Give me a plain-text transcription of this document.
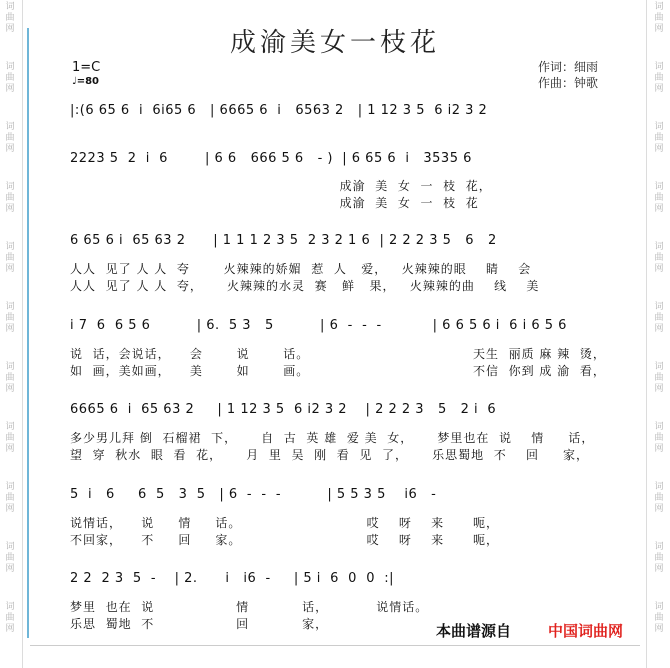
词
曲
网
词
曲
网
词
曲
网
词
曲
网
词
曲
网
词
曲
网
词
曲
网
词
曲
网
词
曲
网
词
曲
网
词
曲
网
词
曲
网
词
曲
网
词
曲
网
词
曲
网
词
曲
网
词
曲
网
词
曲
网
词
曲
网
词
曲
网
词
曲
网
词
曲
网
成渝美女一枝花
作词：细雨
作曲：钟歌
1=C
♩=80
|:(6 65 6  i  6i65 6   | 6665 6  i   6563 2   | 1 12 3 5  6 i2 3 2
2223 5  2  i  6        | 6 6   666 5 6   - )  | 6 65 6  i   3535 6
成渝  美  女  一  枝  花，
成渝  美  女  一  枝  花
6 65 6 i  65 63 2      | 1 1 1 2 3 5  2 3 2 1 6  | 2 2 2 3 5   6   2
人人  见了 人 人  夸       火辣辣的娇媚  惹  人   爱，   火辣辣的眼    睛    会
人人  见了 人 人  夸，     火辣辣的水灵  赛   鲜   果，   火辣辣的曲    线    美
i 7  6  6 5 6          | 6.  5 3   5          | 6  -  -  -           | 6 6 5 6 i  6 i 6 5 6
说  话，会说话，    会       说       话。                                  天生  丽质 麻 辣  烫，
如  画，美如画，    美       如       画。                                  不信  你到 成 渝  看，
6665 6  i  65 63 2     | 1 12 3 5  6 i2 3 2    | 2 2 2 3   5   2 i  6
多少男儿拜 倒  石榴裙  下，     自  古  英 雄  爱 美  女，     梦里也在  说    情     话，
望  穿  秋水  眼  看  花，     月  里  吴  刚  看  见  了，     乐思蜀地  不    回     家，
5  i   6     6  5   3  5   | 6  -  -  -          | 5 5 3 5    i6   -
说情话，    说     情     话。                          哎    呀    来      呃，
不回家，    不     回     家。                          哎    呀    来      呃，
2 2  2 3  5  -    | 2.      i   i6  -     | 5 i  6  0  0  :|
梦里  也在  说                 情           话，          说情话。
乐思  蜀地  不                 回           家，	本曲谱源自 中国词曲网
